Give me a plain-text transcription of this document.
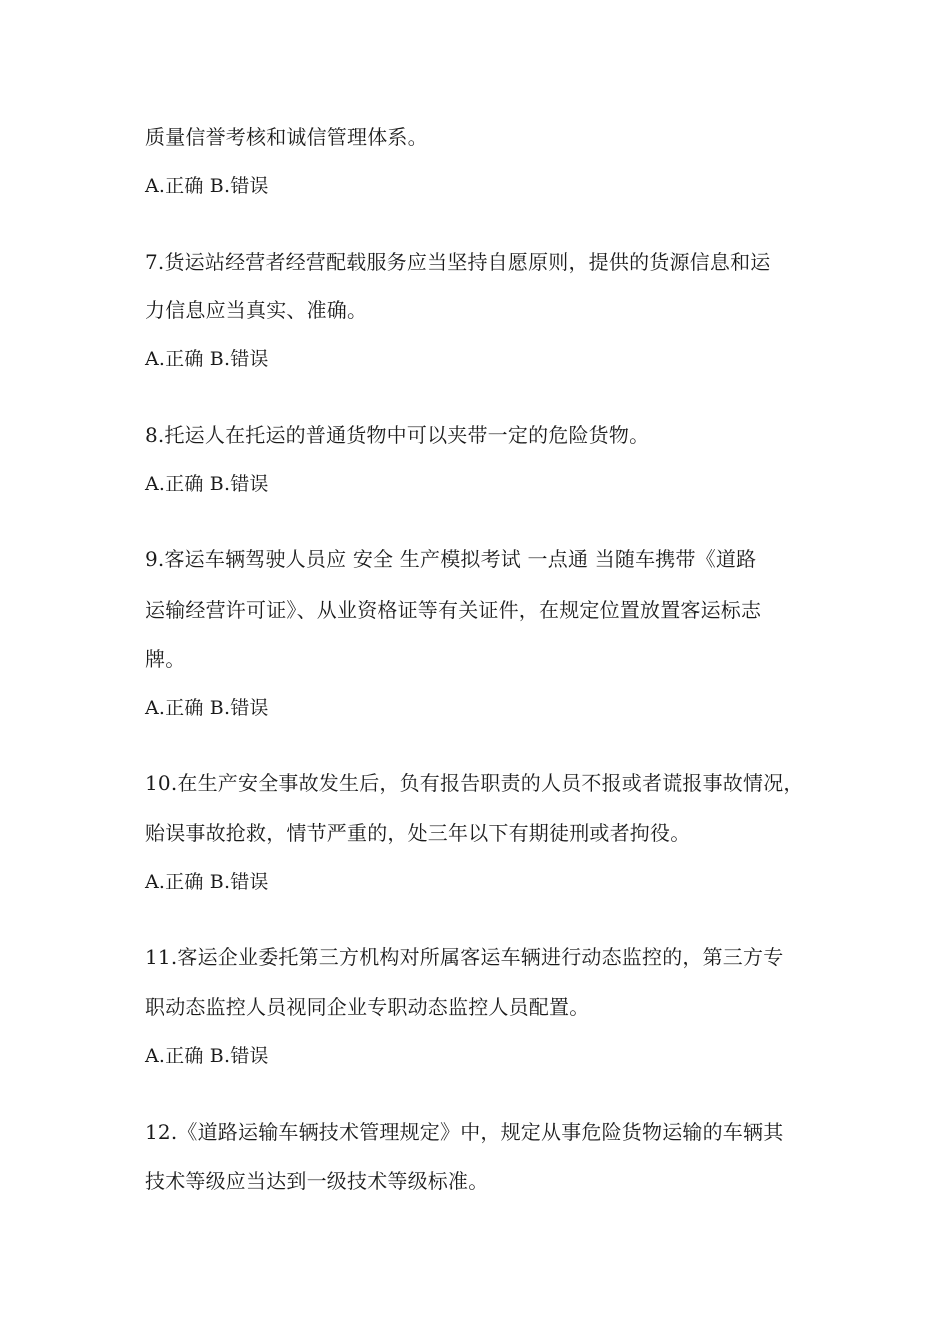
质量信誉考核和诚信管理体系。
A.正确 B.错误
7.货运站经营者经营配载服务应当坚持自愿原则，提供的货源信息和运
力信息应当真实、准确。
A.正确 B.错误
8.托运人在托运的普通货物中可以夹带一定的危险货物。
A.正确 B.错误
9.客运车辆驾驶人员应 安全 生产模拟考试 一点通 当随车携带《道路
运输经营许可证》、从业资格证等有关证件，在规定位置放置客运标志
牌。
A.正确 B.错误
10.在生产安全事故发生后，负有报告职责的人员不报或者谎报事故情况，
贻误事故抢救，情节严重的，处三年以下有期徒刑或者拘役。
A.正确 B.错误
11.客运企业委托第三方机构对所属客运车辆进行动态监控的，第三方专
职动态监控人员视同企业专职动态监控人员配置。
A.正确 B.错误
12.《道路运输车辆技术管理规定》中，规定从事危险货物运输的车辆其
技术等级应当达到一级技术等级标准。
